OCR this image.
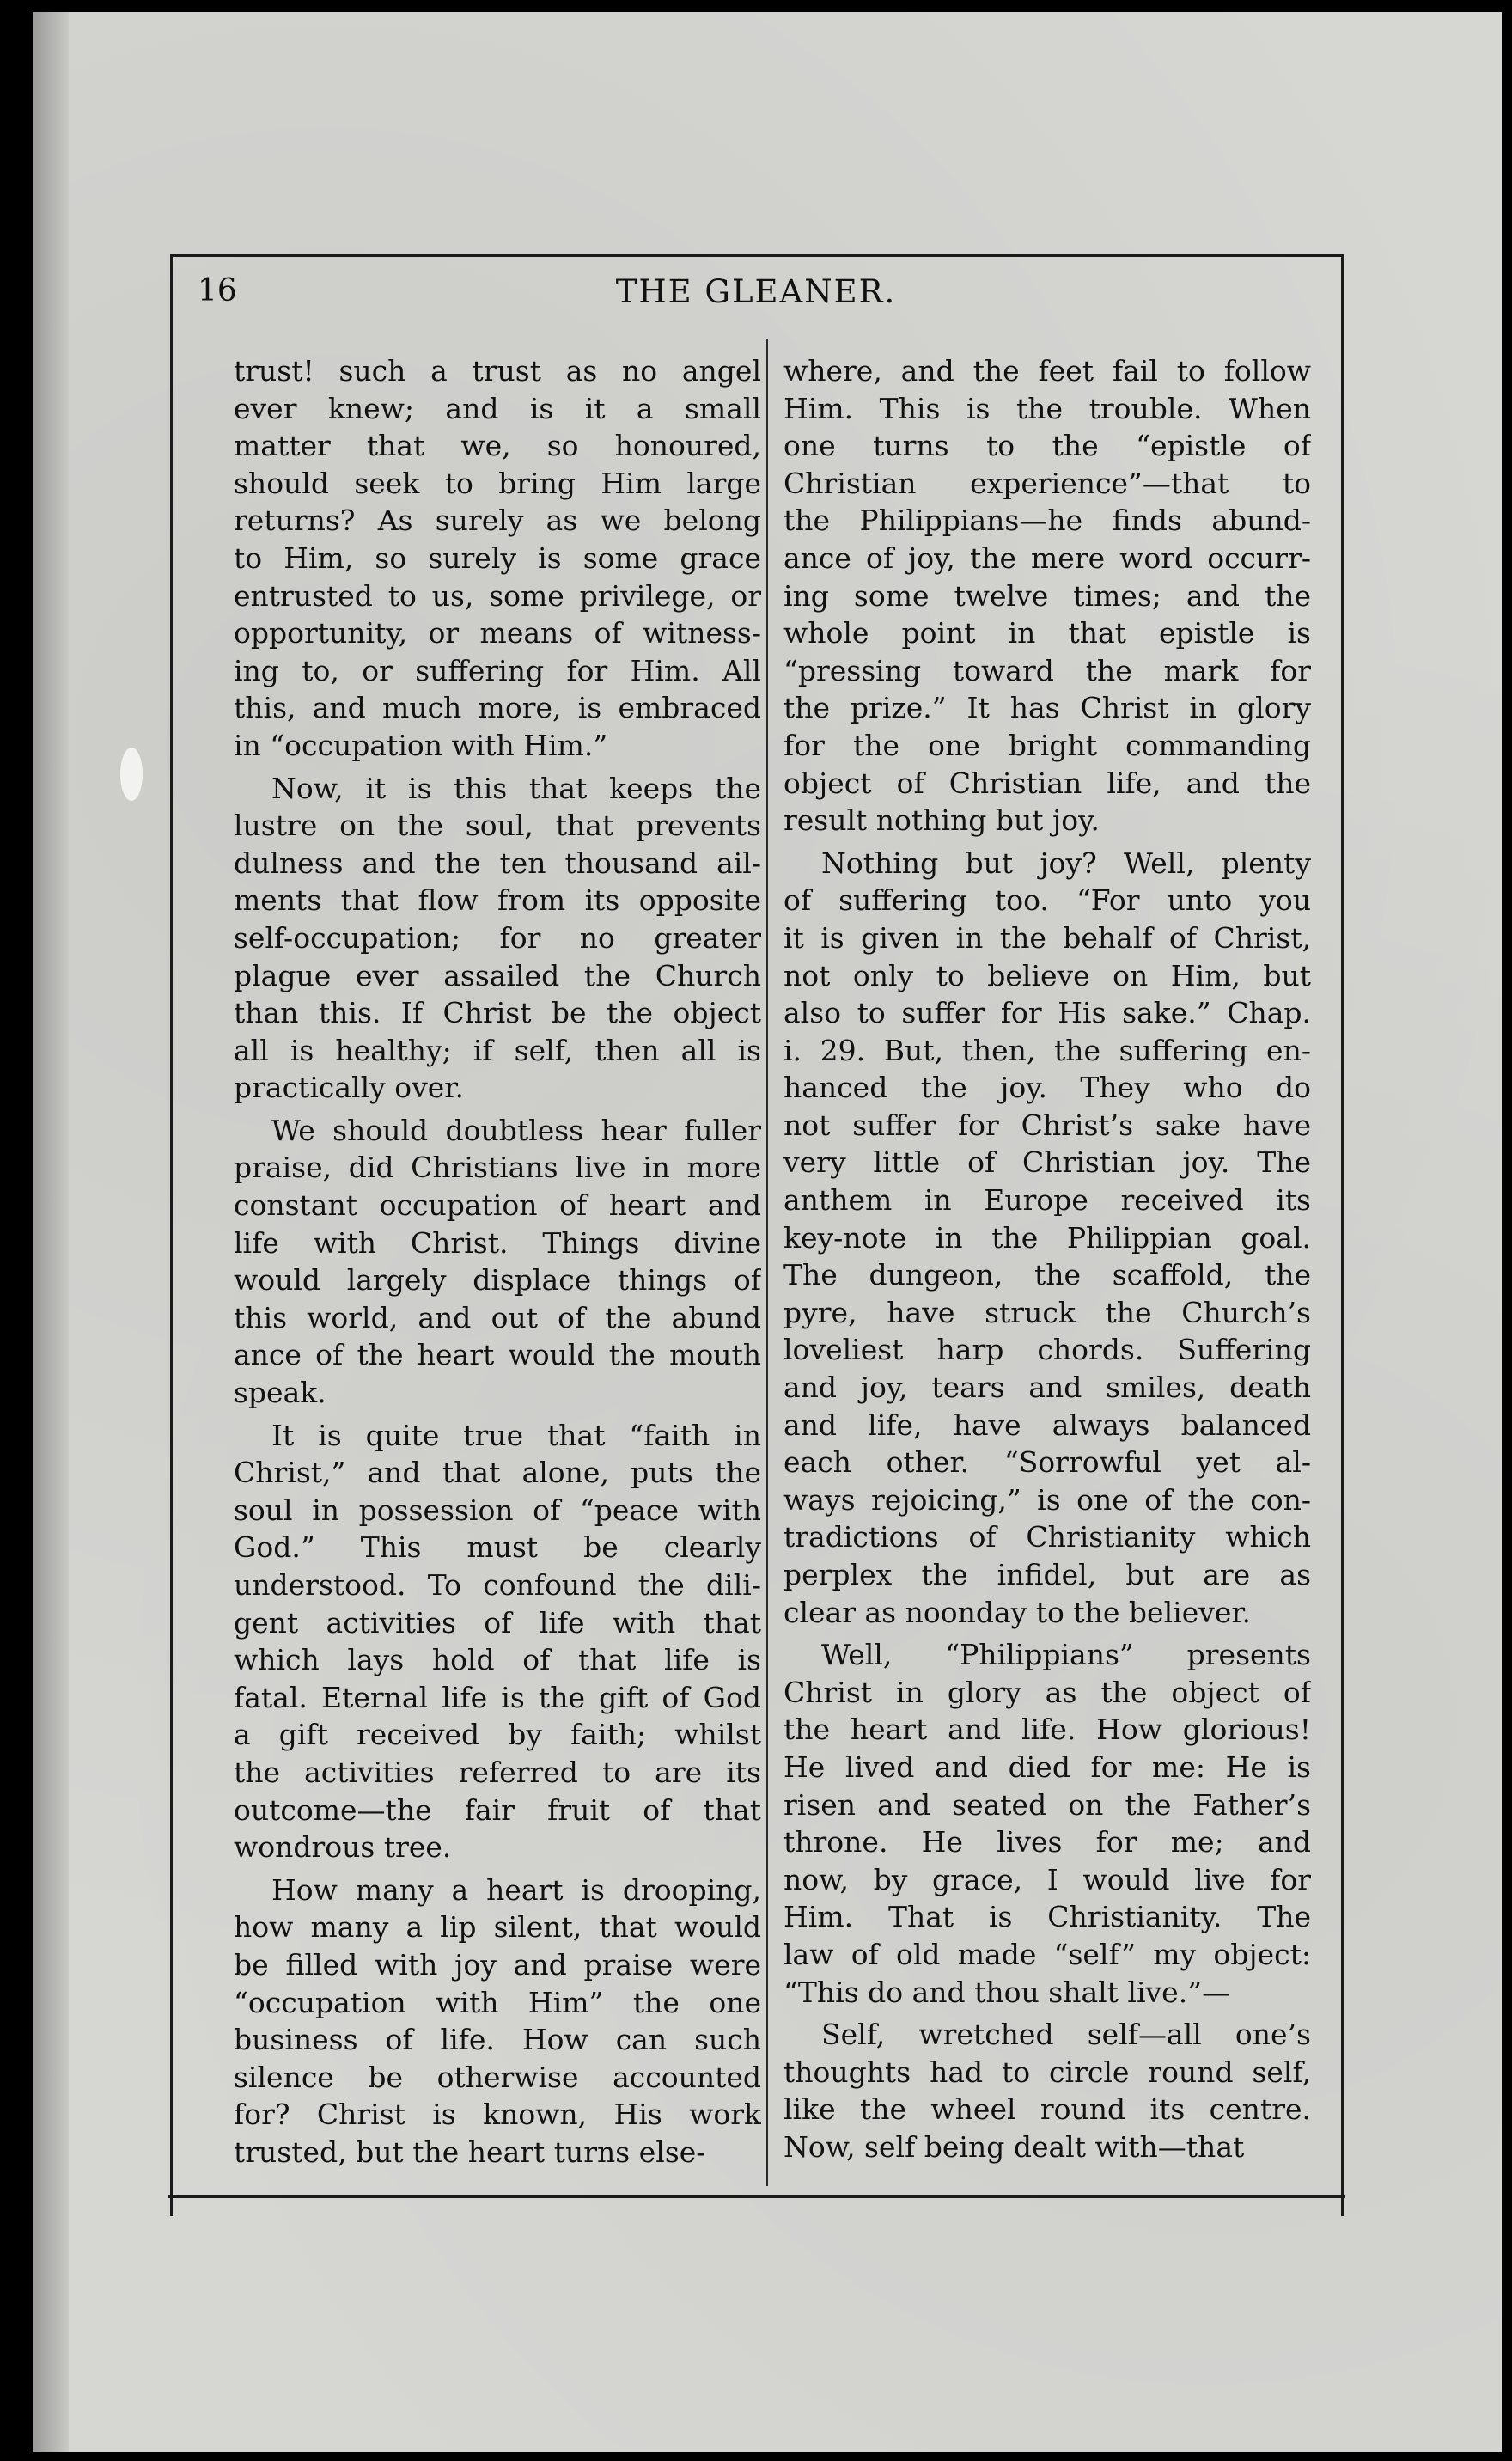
16	THE GLEANER.
trust! such a trust as no angel
ever knew; and is it a small
matter that we, so honoured,
should seek to bring Him large
returns? As surely as we belong
to Him, so surely is some grace
entrusted to us, some privilege, or
opportunity, or means of witness-
ing to, or suffering for Him. All
this, and much more, is embraced
in “occupation with Him.”
Now, it is this that keeps the
lustre on the soul, that prevents
dulness and the ten thousand ail-
ments that flow from its opposite
self-occupation; for no greater
plague ever assailed the Church
than this. If Christ be the object
all is healthy; if self, then all is
practically over.
We should doubtless hear fuller
praise, did Christians live in more
constant occupation of heart and
life with Christ. Things divine
would largely displace things of
this world, and out of the abund
ance of the heart would the mouth
speak.
It is quite true that “faith in
Christ,” and that alone, puts the
soul in possession of “peace with
God.” This must be clearly
understood. To confound the dili-
gent activities of life with that
which lays hold of that life is
fatal. Eternal life is the gift of God
a gift received by faith; whilst
the activities referred to are its
outcome—the fair fruit of that
wondrous tree.
How many a heart is drooping,
how many a lip silent, that would
be filled with joy and praise were
“occupation with Him” the one
business of life. How can such
silence be otherwise accounted
for? Christ is known, His work
trusted, but the heart turns else-
where, and the feet fail to follow
Him. This is the trouble. When
one turns to the “epistle of
Christian experience”—that to
the Philippians—he finds abund-
ance of joy, the mere word occurr-
ing some twelve times; and the
whole point in that epistle is
“pressing toward the mark for
the prize.” It has Christ in glory
for the one bright commanding
object of Christian life, and the
result nothing but joy.
Nothing but joy? Well, plenty
of suffering too. “For unto you
it is given in the behalf of Christ,
not only to believe on Him, but
also to suffer for His sake.” Chap.
i. 29. But, then, the suffering en-
hanced the joy. They who do
not suffer for Christ’s sake have
very little of Christian joy. The
anthem in Europe received its
key-note in the Philippian goal.
The dungeon, the scaffold, the
pyre, have struck the Church’s
loveliest harp chords. Suffering
and joy, tears and smiles, death
and life, have always balanced
each other. “Sorrowful yet al-
ways rejoicing,” is one of the con-
tradictions of Christianity which
perplex the infidel, but are as
clear as noonday to the believer.
Well, “Philippians” presents
Christ in glory as the object of
the heart and life. How glorious!
He lived and died for me: He is
risen and seated on the Father’s
throne. He lives for me; and
now, by grace, I would live for
Him. That is Christianity. The
law of old made “self” my object:
“This do and thou shalt live.”—
Self, wretched self—all one’s
thoughts had to circle round self,
like the wheel round its centre.
Now, self being dealt with—that
